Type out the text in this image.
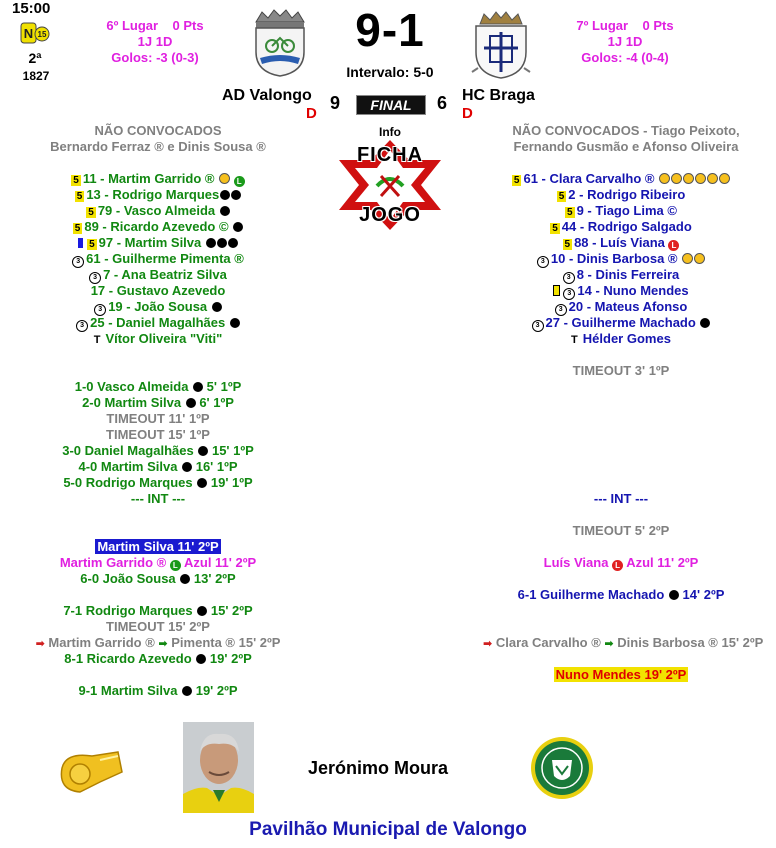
15:00
N 15
2ª
1827
6º Lugar 0 Pts
1J 1D
Golos: -3 (0-3)
7º Lugar 0 Pts
1J 1D
Golos: -4 (0-4)
9-1
Intervalo: 5-0
AD Valongo
D
9	FINAL	6 HC Braga
D
Info
FICHA
JOGO
NÃO CONVOCADOS
Bernardo Ferraz ® e Dinis Sousa ®
NÃO CONVOCADOS - Tiago Peixoto,
Fernando Gusmão e Afonso Oliveira
5 11 - Martim Garrido ®	L
5 13 - Rodrigo Marques
5 79 - Vasco Almeida
5 89 - Ricardo Azevedo ©
5 97 - Martim Silva
3 61 - Guilherme Pimenta ®
3 7 - Ana Beatriz Silva
17 - Gustavo Azevedo
3 19 - João Sousa
3 25 - Daniel Magalhães
T Vítor Oliveira "Viti"
5 61 - Clara Carvalho ®
5 2 - Rodrigo Ribeiro
5 9 - Tiago Lima ©
5 44 - Rodrigo Salgado
5 88 - Luís Viana L
3 10 - Dinis Barbosa ®
3 8 - Dinis Ferreira
3 14 - Nuno Mendes
3 20 - Mateus Afonso
3 27 - Guilherme Machado
T Hélder Gomes
1-0 Vasco Almeida 5' 1ºP
2-0 Martim Silva 6' 1ºP
TIMEOUT 11' 1ºP
TIMEOUT 15' 1ºP
3-0 Daniel Magalhães 15' 1ºP
4-0 Martim Silva 16' 1ºP
5-0 Rodrigo Marques 19' 1ºP
--- INT ---
TIMEOUT 3' 1ºP
--- INT ---
Martim Silva 11' 2ºP
Martim Garrido ® L Azul 11' 2ºP
6-0 João Sousa 13' 2ºP
7-1 Rodrigo Marques 15' 2ºP
TIMEOUT 15' 2ºP
➡ Martim Garrido ® ➡ Pimenta ® 15' 2ºP
8-1 Ricardo Azevedo 19' 2ºP
9-1 Martim Silva 19' 2ºP
TIMEOUT 5' 2ºP
Luís Viana L Azul 11' 2ºP
6-1 Guilherme Machado 14' 2ºP
➡ Clara Carvalho ® ➡ Dinis Barbosa ® 15' 2ºP
Nuno Mendes 19' 2ºP
Jerónimo Moura
Pavilhão Municipal de Valongo
